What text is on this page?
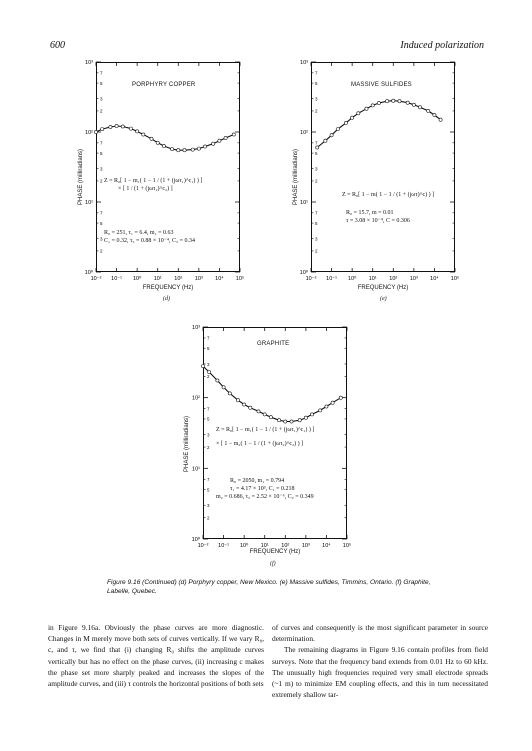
600	Induced polarization
PORPHYRY COPPER
PHASE (milliradians)
FREQUENCY (Hz)
(d)
Z = R₀[ 1 − m₁( 1 − 1 / (1 + (jωτ₁)^c₁) ) ]
× [ 1 / (1 + (jωτ₂)^c₂) ]
R₀ = 251, τ₁ = 6.4, m₁ = 0.63
C₁ = 0.32, τ₂ = 0.88 × 10⁻⁴, C₂ = 0.34
MASSIVE SULFIDES
PHASE (milliradians)
FREQUENCY (Hz)
(e)
Z = R₀[ 1 − m( 1 − 1 / (1 + (jωτ)^c) ) ]
R₀ = 15.7, m = 0.01
τ = 3.08 × 10⁻⁴, C = 0.306
GRAPHITE
PHASE (milliradians)
FREQUENCY (Hz)
(f)
Z = R₀[ 1 − m₁( 1 − 1 / (1 + (jωτ₁)^c₁) ) ]
× [ 1 − m₂( 1 − 1 / (1 + (jωτ₂)^c₂) ) ]
R₀ = 2050, m₁ = 0.794
τ₁ = 4.17 × 10³, C₁ = 0.218
m₂ = 0.686, τ₂ = 2.52 × 10⁻⁶, C₂ = 0.349
10⁻² 10⁻¹ 10⁰ 10¹ 10² 10³ 10⁴ 10⁵
10⁰
2
3
5
7
10¹
2
3
5
7
10²
2
3
5
7
10³
10⁻² 10⁻¹ 10⁰ 10¹ 10² 10³ 10⁴ 10⁵
10⁰
2
3
5
7
10¹
2
3
5
7
10²
2
3
5
7
10³
10⁻² 10⁻¹ 10⁰ 10¹ 10² 10³ 10⁴ 10⁵
10⁰
2
3
5
7
10¹
2
3
5
7
10²
2
3
5
7
10³
Figure 9.16 (Continued) (d) Porphyry copper, New Mexico. (e) Massive sulfides, Timmins, Ontario. (f) Graphite, Labelle, Quebec.

in Figure 9.16a. Obviously the phase curves are more diagnostic. Changes in M merely move both sets of curves vertically. If we vary R₀, c, and τ, we find that (i) changing R₀ shifts the amplitude curves vertically but has no effect on the phase curves, (ii) increasing c makes the phase set more sharply peaked and increases the slopes of the amplitude curves, and (iii) τ controls the horizontal positions of both sets

of curves and consequently is the most significant parameter in source determination.

The remaining diagrams in Figure 9.16 contain profiles from field surveys. Note that the frequency band extends from 0.01 Hz to 60 kHz. The unusually high frequencies required very small electrode spreads (~1 m) to minimize EM coupling effects, and this in turn necessitated extremely shallow tar-
